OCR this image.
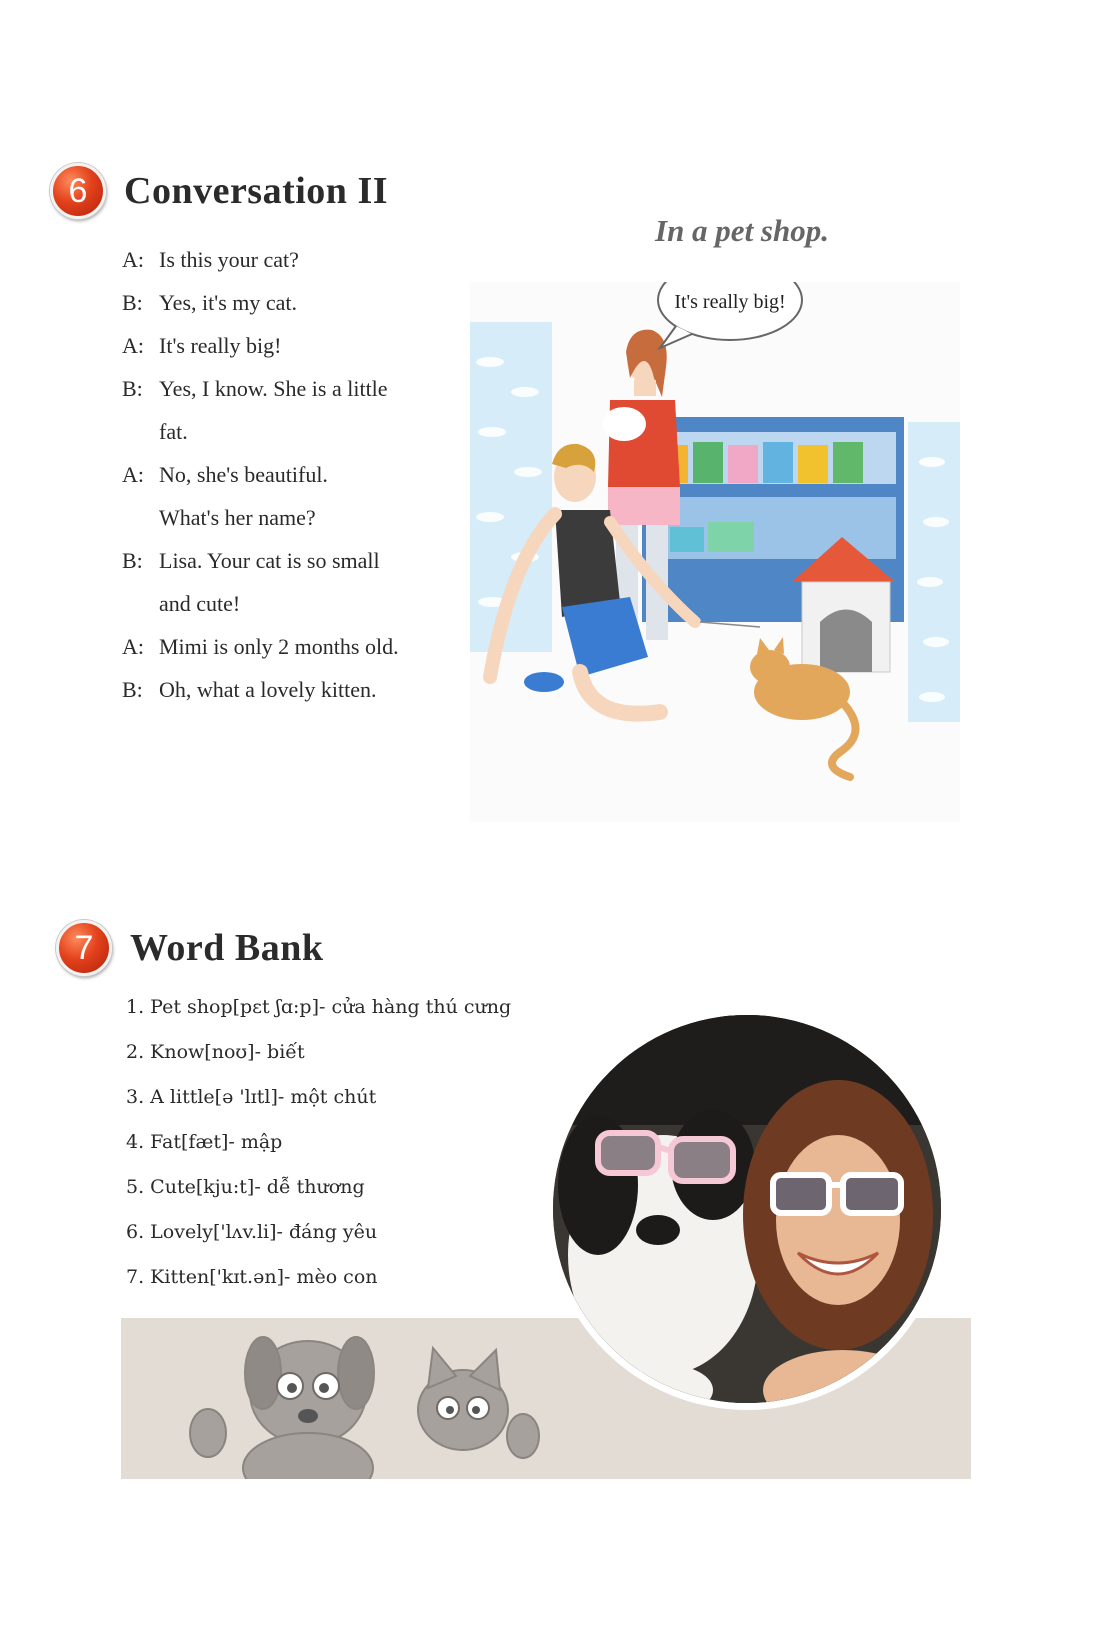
6 Conversation II
A: Is this your cat?
B: Yes, it's my cat.
A: It's really big!
B: Yes, I know. She is a little
fat.
A: No, she's beautiful.
What's her name?
B: Lisa. Your cat is so small
and cute!
A: Mimi is only 2 months old.
B: Oh, what a lovely kitten.
In a pet shop.
It's really big!
7 Word Bank
1. Pet shop[pɛt ʃɑ:p]- cửa hàng thú cưng
2. Know[noʊ]- biết
3. A little[ə 'lɪtl]- một chút
4. Fat[fæt]- mập
5. Cute[kju:t]- dễ thương
6. Lovely['lʌv.li]- đáng yêu
7. Kitten['kɪt.ən]- mèo con
